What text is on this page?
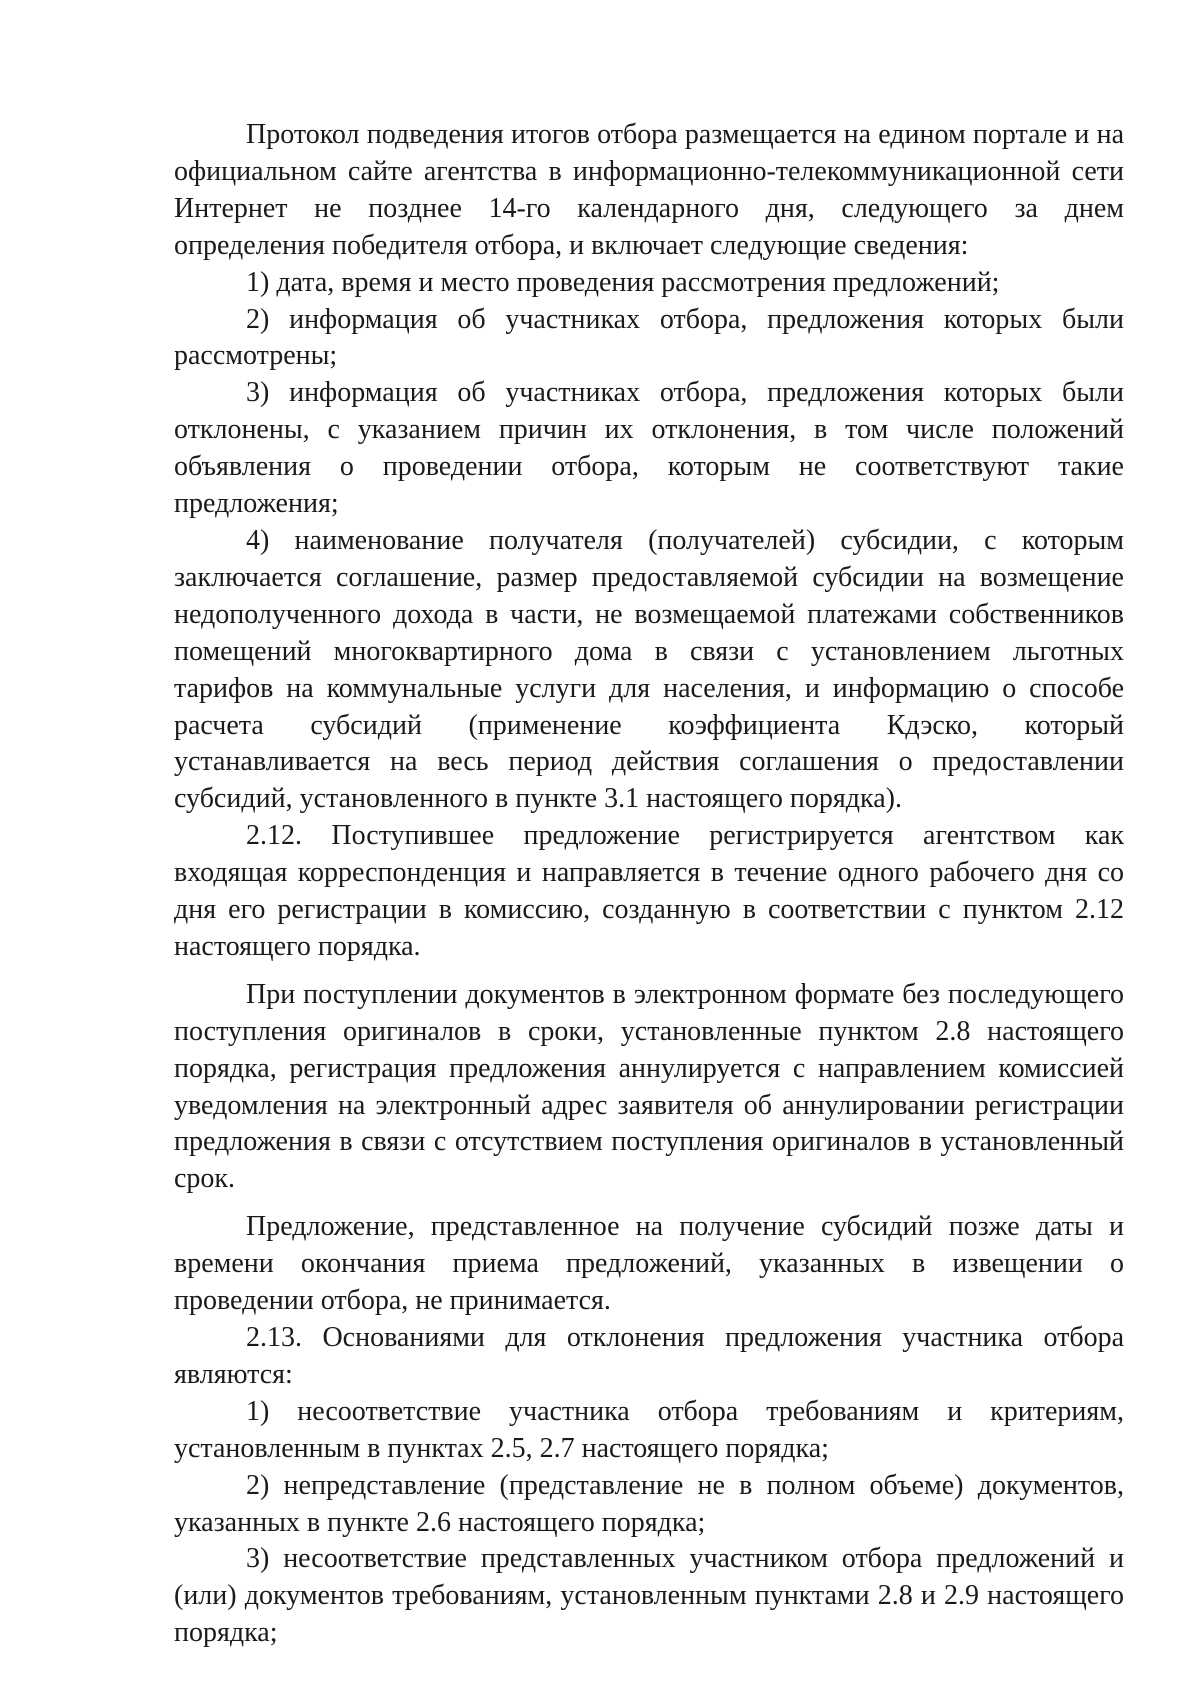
Протокол подведения итогов отбора размещается на едином портале и на официальном сайте агентства в информационно-телекоммуникационной сети Интернет не позднее 14-го календарного дня, следующего за днем определения победителя отбора, и включает следующие сведения:

1) дата, время и место проведения рассмотрения предложений;

2) информация об участниках отбора, предложения которых были рассмотрены;

3) информация об участниках отбора, предложения которых были отклонены, с указанием причин их отклонения, в том числе положений объявления о проведении отбора, которым не соответствуют такие предложения;

4) наименование получателя (получателей) субсидии, с которым заключается соглашение, размер предоставляемой субсидии на возмещение недополученного дохода в части, не возмещаемой платежами собственников помещений многоквартирного дома в связи с установлением льготных тарифов на коммунальные услуги для населения, и информацию о способе расчета субсидий (применение коэффициента Кдэско, который устанавливается на весь период действия соглашения о предоставлении субсидий, установленного в пункте 3.1 настоящего порядка).

2.12. Поступившее предложение регистрируется агентством как входящая корреспонденция и направляется в течение одного рабочего дня со дня его регистрации в комиссию, созданную в соответствии с пунктом 2.12 настоящего порядка.

При поступлении документов в электронном формате без последующего поступления оригиналов в сроки, установленные пунктом 2.8 настоящего порядка, регистрация предложения аннулируется с направлением комиссией уведомления на электронный адрес заявителя об аннулировании регистрации предложения в связи с отсутствием поступления оригиналов в установленный срок.

Предложение, представленное на получение субсидий позже даты и времени окончания приема предложений, указанных в извещении о проведении отбора, не принимается.

2.13. Основаниями для отклонения предложения участника отбора являются:

1) несоответствие участника отбора требованиям и критериям, установленным в пунктах 2.5, 2.7 настоящего порядка;

2) непредставление (представление не в полном объеме) документов, указанных в пункте 2.6 настоящего порядка;

3) несоответствие представленных участником отбора предложений и (или) документов требованиям, установленным пунктами 2.8 и 2.9 настоящего порядка;
